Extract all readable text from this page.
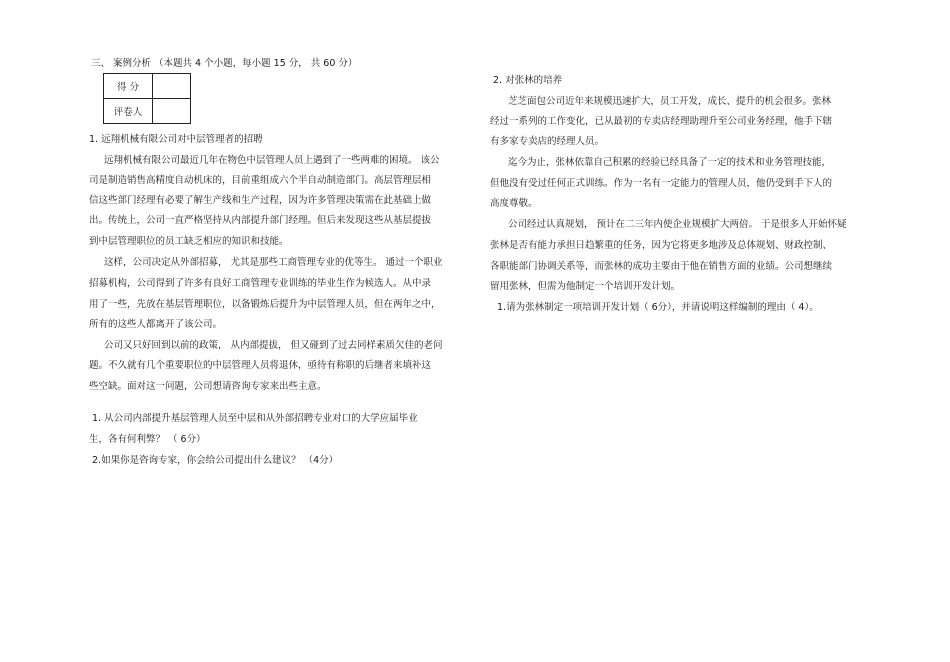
三、 案例分析 （本题共 4 个小题，每小题 15 分， 共 60 分）
得 分	
评卷人	
1. 远翔机械有限公司对中层管理者的招聘
远翔机械有限公司最近几年在物色中层管理人员上遇到了一些两难的困境。 该公
司是制造销售高精度自动机床的，目前重组成六个半自动制造部门。高层管理层相
信这些部门经理有必要了解生产线和生产过程，因为许多管理决策需在此基础上做
出。传统上，公司一直严格坚持从内部提升部门经理。但后来发现这些从基层提拔
到中层管理职位的员工缺乏相应的知识和技能。
这样，公司决定从外部招募， 尤其是那些工商管理专业的优等生。 通过一个职业
招募机构，公司得到了许多有良好工商管理专业训练的毕业生作为候选人。从中录
用了一些，先放在基层管理职位，以备锻炼后提升为中层管理人员，但在两年之中，
所有的这些人都离开了该公司。
公司又只好回到以前的政策， 从内部提拔， 但又碰到了过去同样素质欠佳的老问
题。不久就有几个重要职位的中层管理人员将退休，亟待有称职的后继者来填补这
些空缺。面对这一问题，公司想请咨询专家来出些主意。
1. 从公司内部提升基层管理人员至中层和从外部招聘专业对口的大学应届毕业
生，各有何利弊？ （ 6分）
2.如果你是咨询专家，你会给公司提出什么建议？ （4分）
2. 对张林的培养
芝芝面包公司近年来规模迅速扩大，员工开发，成长、提升的机会很多。张林
经过一系列的工作变化，已从最初的专卖店经理助理升至公司业务经理，他手下辖
有多家专卖店的经理人员。
迄今为止，张林依靠自己积累的经验已经具备了一定的技术和业务管理技能，
但他没有受过任何正式训练。作为一名有一定能力的管理人员，他仍受到手下人的
高度尊敬。
公司经过认真规划， 预计在二三年内使企业规模扩大两倍。 于是很多人开始怀疑
张林是否有能力承担日趋繁重的任务，因为它将更多地涉及总体规划、财政控制、
各职能部门协调关系等，而张林的成功主要由于他在销售方面的业绩。公司想继续
留用张林，但需为他制定一个培训开发计划。
1.请为张林制定一项培训开发计划（ 6分），并请说明这样编制的理由（ 4）。
